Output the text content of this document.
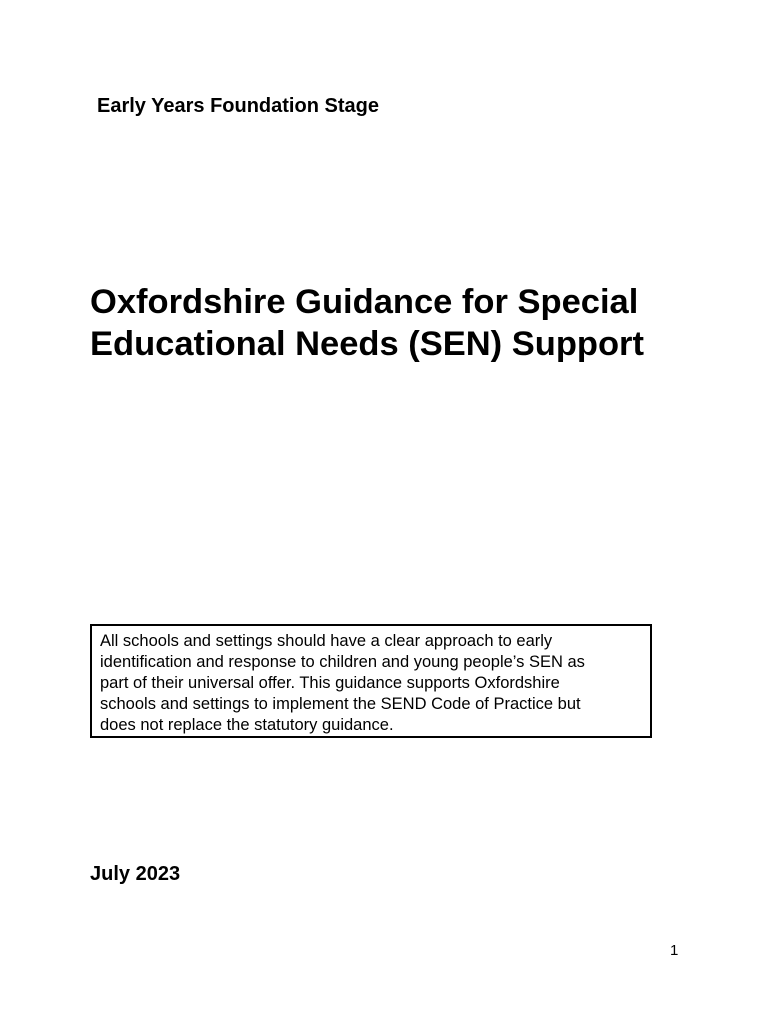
Early Years Foundation Stage
Oxfordshire Guidance for Special
Educational Needs (SEN) Support
All schools and settings should have a clear approach to early
identification and response to children and young people’s SEN as
part of their universal offer. This guidance supports Oxfordshire
schools and settings to implement the SEND Code of Practice but
does not replace the statutory guidance.
July 2023
1
